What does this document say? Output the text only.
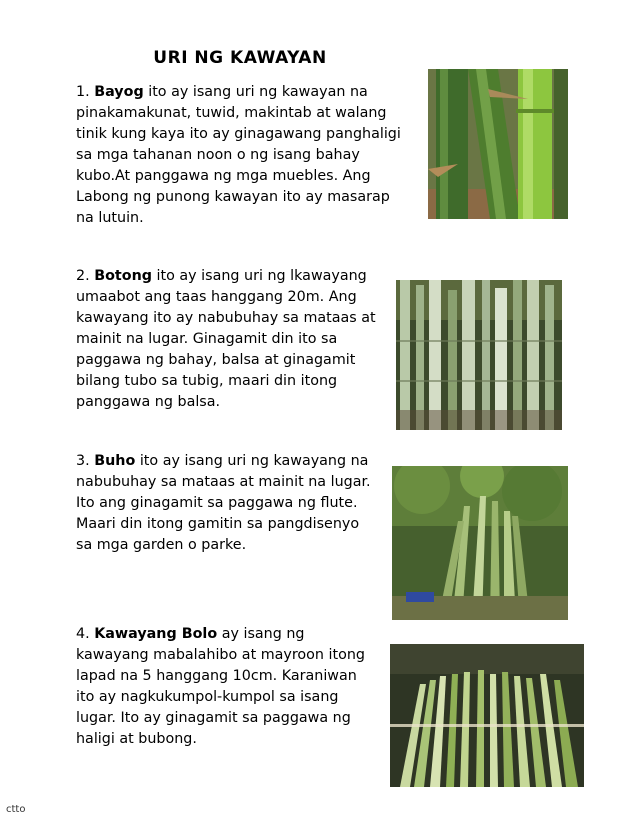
URI NG KAWAYAN
1. Bayog ito ay isang uri ng kawayan na
pinakamakunat, tuwid, makintab at walang
tinik kung kaya ito ay ginagawang panghaligi
sa mga tahanan noon o ng isang bahay
kubo.At panggawa ng mga muebles. Ang
Labong ng punong kawayan ito ay masarap
na lutuin.
2. Botong ito ay isang uri ng lkawayang
umaabot ang taas hanggang 20m. Ang
kawayang ito ay nabubuhay sa mataas at
mainit na lugar. Ginagamit din ito sa
paggawa ng bahay, balsa at ginagamit
bilang tubo sa tubig, maari din itong
panggawa ng balsa.
3. Buho ito ay isang uri ng kawayang na
nabubuhay sa mataas at mainit na lugar.
Ito ang ginagamit sa paggawa ng flute.
Maari din itong gamitin sa pangdisenyo
sa mga garden o parke.
4. Kawayang Bolo ay isang ng
kawayang mabalahibo at mayroon itong
lapad na 5 hanggang 10cm. Karaniwan
ito ay nagkukumpol-kumpol sa isang
lugar. Ito ay ginagamit sa paggawa ng
haligi at bubong.
ctto
